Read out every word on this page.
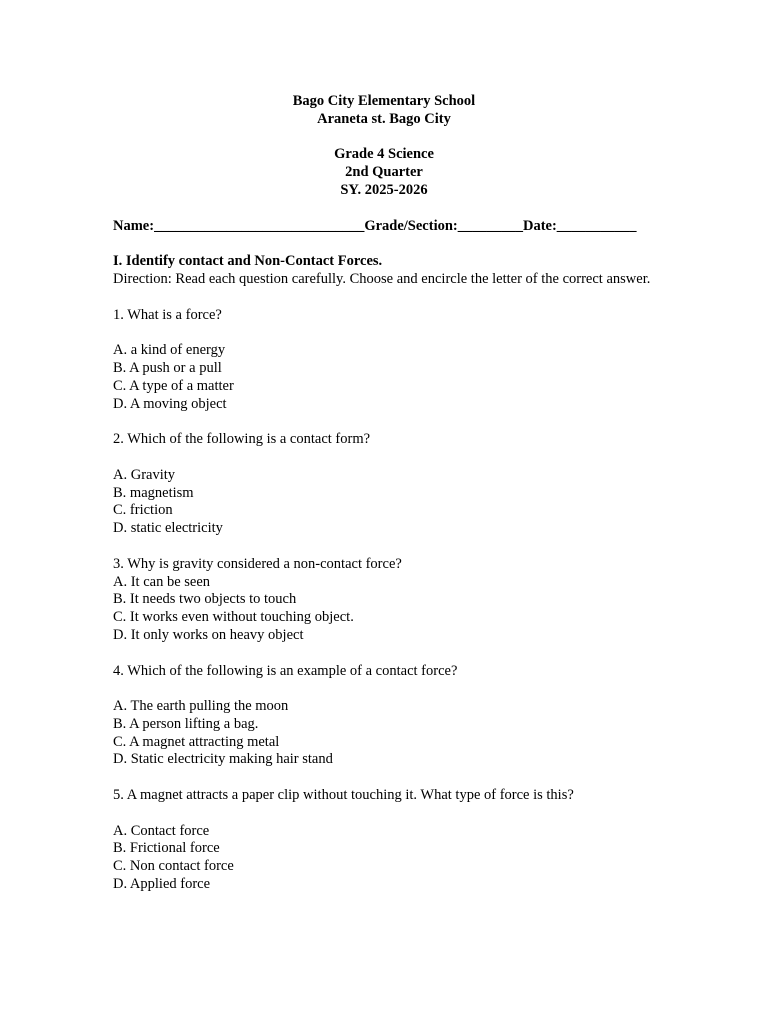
Bago City Elementary School
Araneta st. Bago City
Grade 4 Science
2nd Quarter
SY. 2025-2026
Name:_____________________________Grade/Section:_________Date:___________
I. Identify contact and Non-Contact Forces.
Direction: Read each question carefully. Choose and encircle the letter of the correct answer.
1. What is a force?
A. a kind of energy
B. A push or a pull
C. A type of a matter
D. A moving object
2. Which of the following is a contact form?
A. Gravity
B. magnetism
C. friction
D. static electricity
3. Why is gravity considered a non-contact force?
A. It can be seen
B. It needs two objects to touch
C. It works even without touching object.
D. It only works on heavy object
4. Which of the following is an example of a contact force?
A. The earth pulling the moon
B. A person lifting a bag.
C. A magnet attracting metal
D. Static electricity making hair stand
5. A magnet attracts a paper clip without touching it. What type of force is this?
A. Contact force
B. Frictional force
C. Non contact force
D. Applied force
